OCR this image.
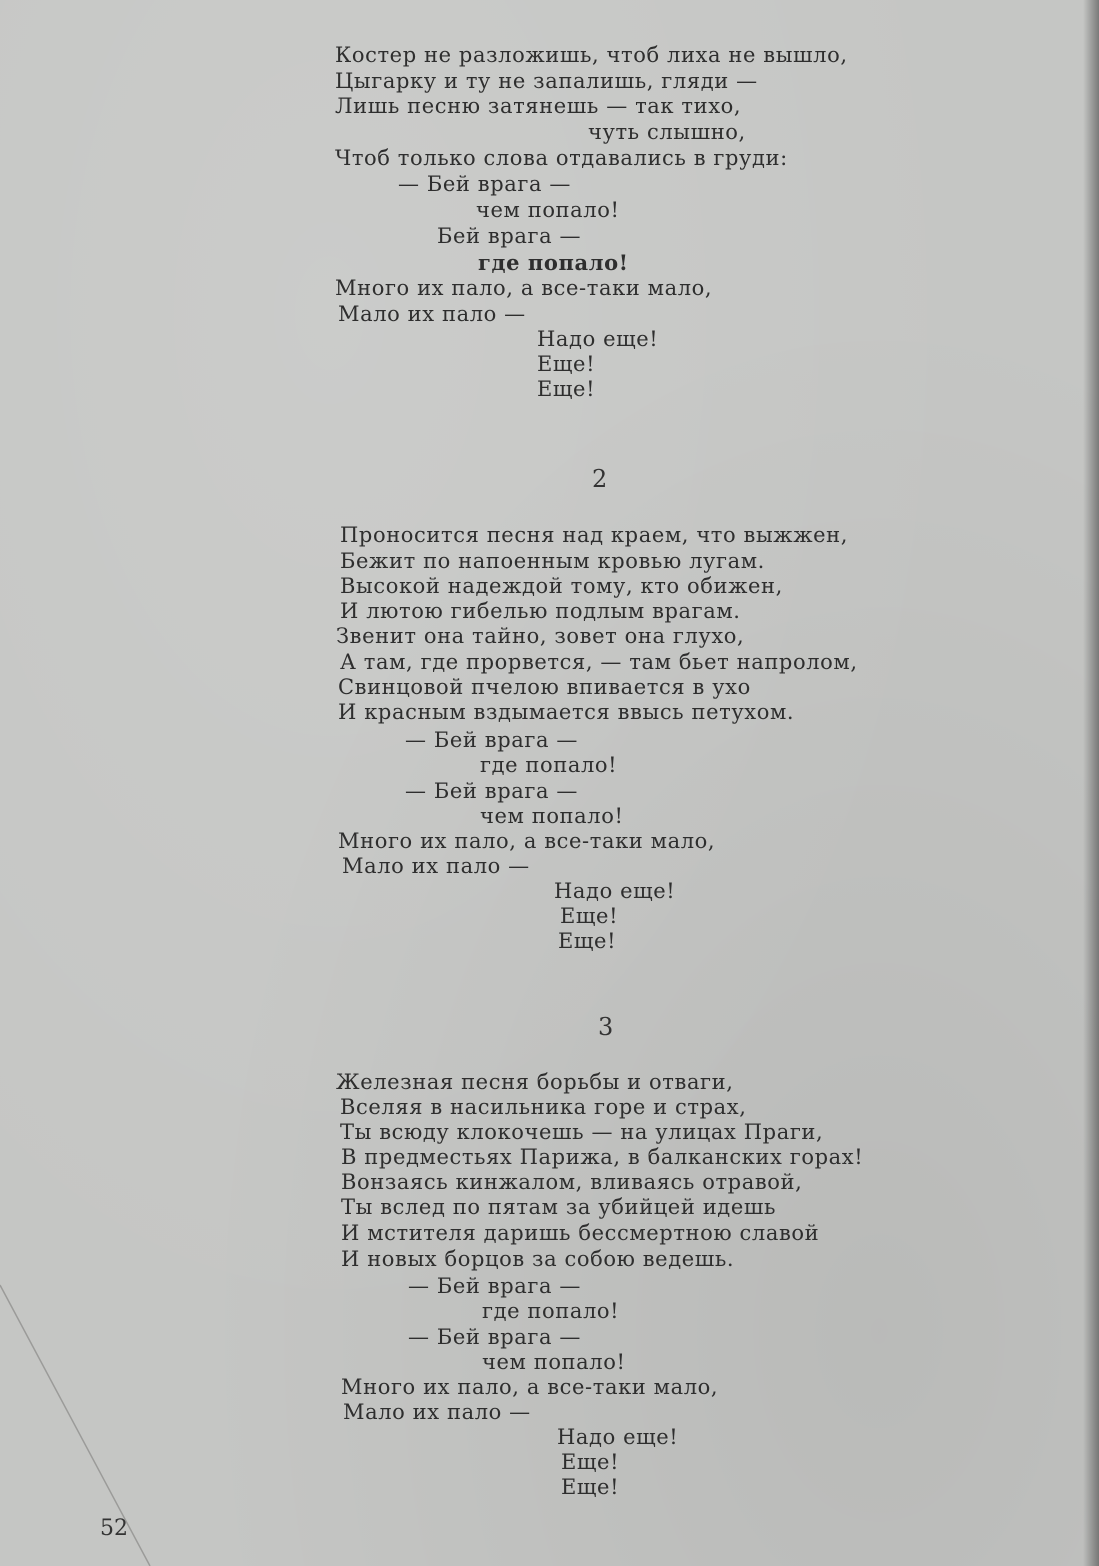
Костер не разложишь, чтоб лиха не вышло,
Цыгарку и ту не запалишь, гляди —
Лишь песню затянешь — так тихо,
чуть слышно,
Чтоб только слова отдавались в груди:
— Бей врага —
чем попало!
Бей врага —
где попало!
Много их пало, а все-таки мало,
Мало их пало —
Надо еще!
Еще!
Еще!
2
Проносится песня над краем, что выжжен,
Бежит по напоенным кровью лугам.
Высокой надеждой тому, кто обижен,
И лютою гибелью подлым врагам.
Звенит она тайно, зовет она глухо,
А там, где прорвется, — там бьет напролом,
Свинцовой пчелою впивается в ухо
И красным вздымается ввысь петухом.
— Бей врага —
где попало!
— Бей врага —
чем попало!
Много их пало, а все-таки мало,
Мало их пало —
Надо еще!
Еще!
Еще!
3
Железная песня борьбы и отваги,
Вселяя в насильника горе и страх,
Ты всюду клокочешь — на улицах Праги,
В предместьях Парижа, в балканских горах!
Вонзаясь кинжалом, вливаясь отравой,
Ты вслед по пятам за убийцей идешь
И мстителя даришь бессмертною славой
И новых борцов за собою ведешь.
— Бей врага —
где попало!
— Бей врага —
чем попало!
Много их пало, а все-таки мало,
Мало их пало —
Надо еще!
Еще!
Еще!
52
